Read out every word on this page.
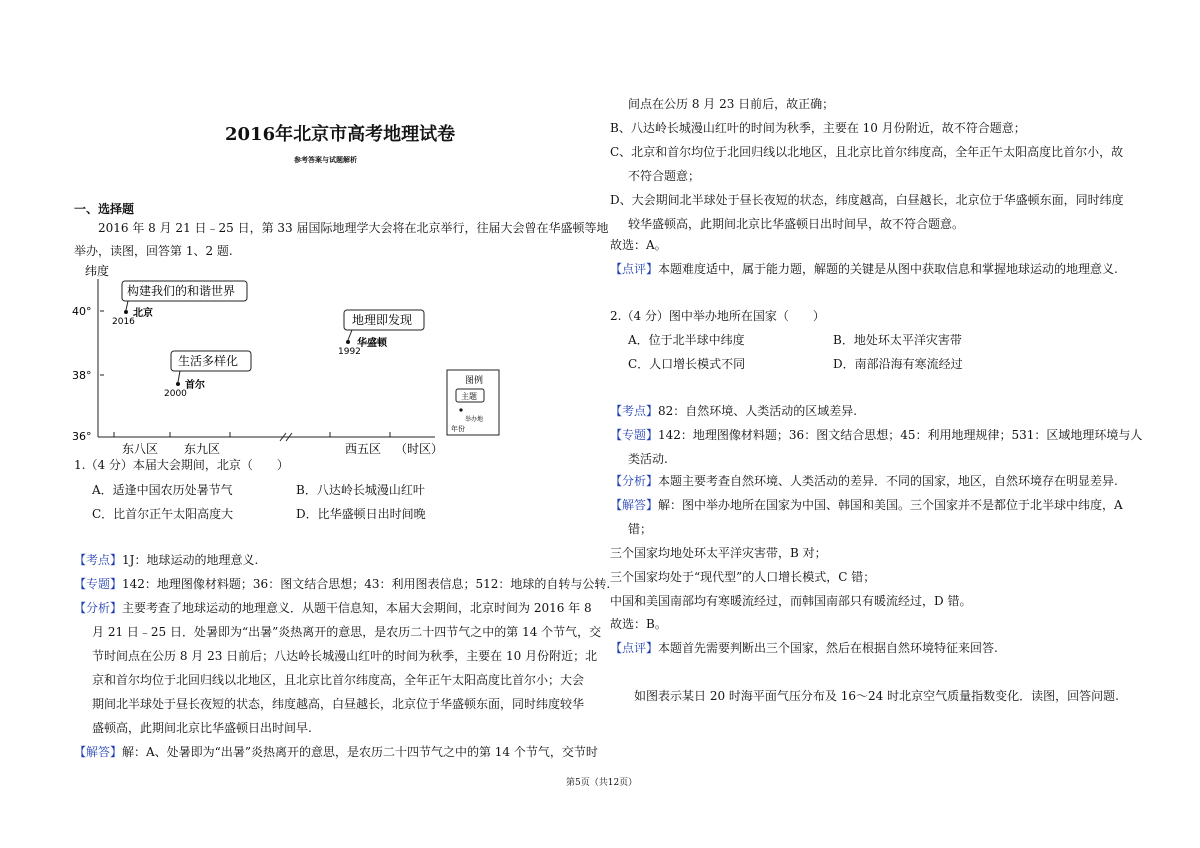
2016年北京市高考地理试卷
参考答案与试题解析
一、选择题
2016 年 8 月 21 日﹣25 日，第 33 届国际地理学大会将在北京举行，往届大会曾在华盛顿等地
举办，读图，回答第 1、2 题.
纬度
40°
38°
36°
东八区 东九区	西五区 （时区）
构建我们的和谐世界
2016
北京	地理即发现
1992
华盛顿
生活多样化
2000
首尔	图例
主题
举办地
年份
1.（4 分）本届大会期间，北京（　　）
A．适逢中国农历处暑节气	B．八达岭长城漫山红叶
C．比首尔正午太阳高度大	D．比华盛顿日出时间晚
【考点】1J：地球运动的地理意义.
【专题】142：地理图像材料题；36：图文结合思想；43：利用图表信息；512：地球的自转与公转.
【分析】主要考查了地球运动的地理意义．从题干信息知，本届大会期间，北京时间为 2016 年 8
月 21 日﹣25 日．处暑即为“出暑”炎热离开的意思，是农历二十四节气之中的第 14 个节气，交
节时间点在公历 8 月 23 日前后；八达岭长城漫山红叶的时间为秋季，主要在 10 月份附近；北
京和首尔均位于北回归线以北地区，且北京比首尔纬度高，全年正午太阳高度比首尔小；大会
期间北半球处于昼长夜短的状态，纬度越高，白昼越长，北京位于华盛顿东面，同时纬度较华
盛顿高，此期间北京比华盛顿日出时间早.
【解答】解：A、处暑即为“出暑”炎热离开的意思，是农历二十四节气之中的第 14 个节气，交节时
间点在公历 8 月 23 日前后，故正确；
B、八达岭长城漫山红叶的时间为秋季，主要在 10 月份附近，故不符合题意；
C、北京和首尔均位于北回归线以北地区，且北京比首尔纬度高，全年正午太阳高度比首尔小，故
不符合题意；
D、大会期间北半球处于昼长夜短的状态，纬度越高，白昼越长，北京位于华盛顿东面，同时纬度
较华盛顿高，此期间北京比华盛顿日出时间早，故不符合题意。
故选：A。
【点评】本题难度适中，属于能力题，解题的关键是从图中获取信息和掌握地球运动的地理意义.
2.（4 分）图中举办地所在国家（　　）
A．位于北半球中纬度	B．地处环太平洋灾害带
C．人口增长模式不同	D．南部沿海有寒流经过
【考点】82：自然环境、人类活动的区域差异.
【专题】142：地理图像材料题；36：图文结合思想；45：利用地理规律；531：区域地理环境与人
类活动.
【分析】本题主要考查自然环境、人类活动的差异．不同的国家，地区，自然环境存在明显差异.
【解答】解：图中举办地所在国家为中国、韩国和美国。三个国家并不是都位于北半球中纬度，A
错；
三个国家均地处环太平洋灾害带，B 对；
三个国家均处于“现代型”的人口增长模式，C 错；
中国和美国南部均有寒暖流经过，而韩国南部只有暖流经过，D 错。
故选：B。
【点评】本题首先需要判断出三个国家，然后在根据自然环境特征来回答.
如图表示某日 20 时海平面气压分布及 16～24 时北京空气质量指数变化．读图，回答问题.
第5页（共12页）
